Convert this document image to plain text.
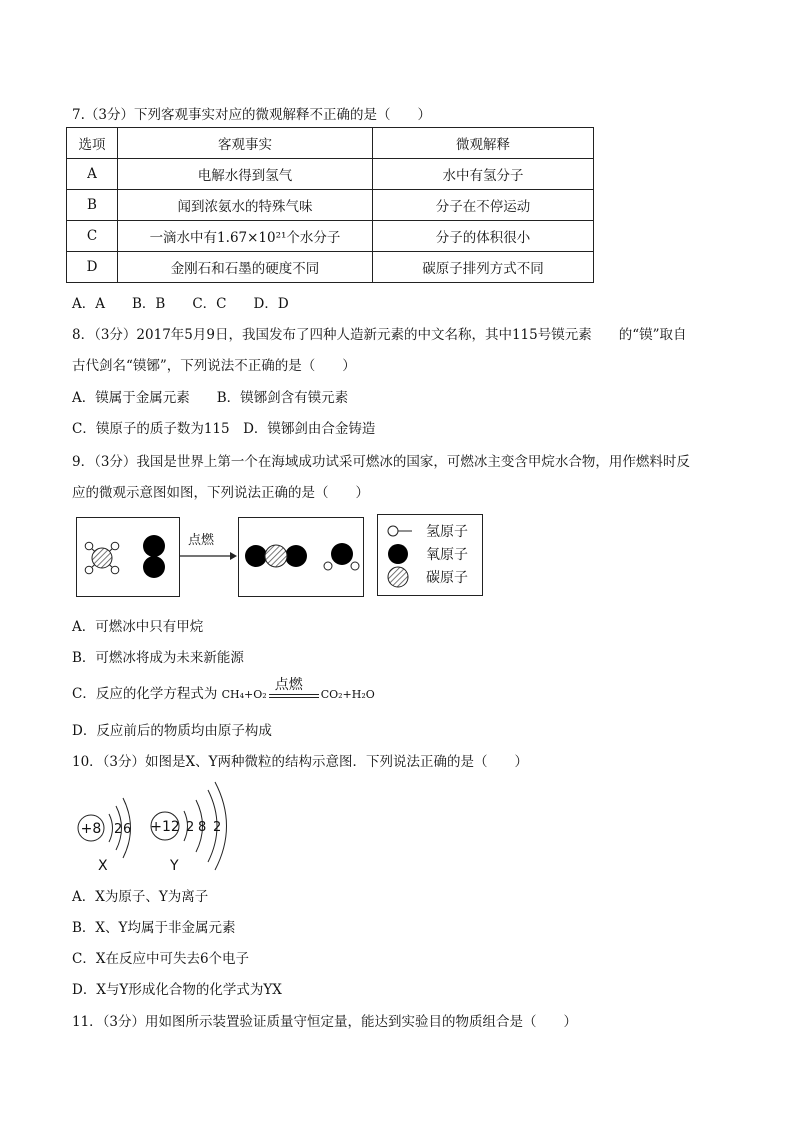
7.（3分）下列客观事实对应的微观解释不正确的是（　　）
选项	客观事实	微观解释
A	电解水得到氢气	水中有氢分子
B	闻到浓氨水的特殊气味	分子在不停运动
C	一滴水中有1.67×10²¹个水分子	分子的体积很小
D	金刚石和石墨的硬度不同	碳原子排列方式不同
A．A　　B．B　　C．C　　D．D
8．（3分）2017年5月9日，我国发布了四种人造新元素的中文名称，其中115号镆元素　　的“镆”取自
古代剑名“镆铘”，下列说法不正确的是（　　）
A．镆属于金属元素　　B．镆铘剑含有镆元素
C．镆原子的质子数为115　D．镆铘剑由合金铸造
9．（3分）我国是世界上第一个在海域成功试采可燃冰的国家，可燃冰主变含甲烷水合物，用作燃料时反
应的微观示意图如图，下列说法正确的是（　　）
点燃
氢原子
氧原子
碳原子
A．可燃冰中只有甲烷
B．可燃冰将成为未来新能源
C．反应的化学方程式为 CH₄+O₂
点燃
CO₂+H₂O
D．反应前后的物质均由原子构成
10．（3分）如图是X、Y两种微粒的结构示意图．下列说法正确的是（　　）
+8 2 6
X
+12 2 8 2
Y
A．X为原子、Y为离子
B．X、Y均属于非金属元素
C．X在反应中可失去6个电子
D．X与Y形成化合物的化学式为YX
11．（3分）用如图所示装置验证质量守恒定量，能达到实验目的物质组合是（　　）
